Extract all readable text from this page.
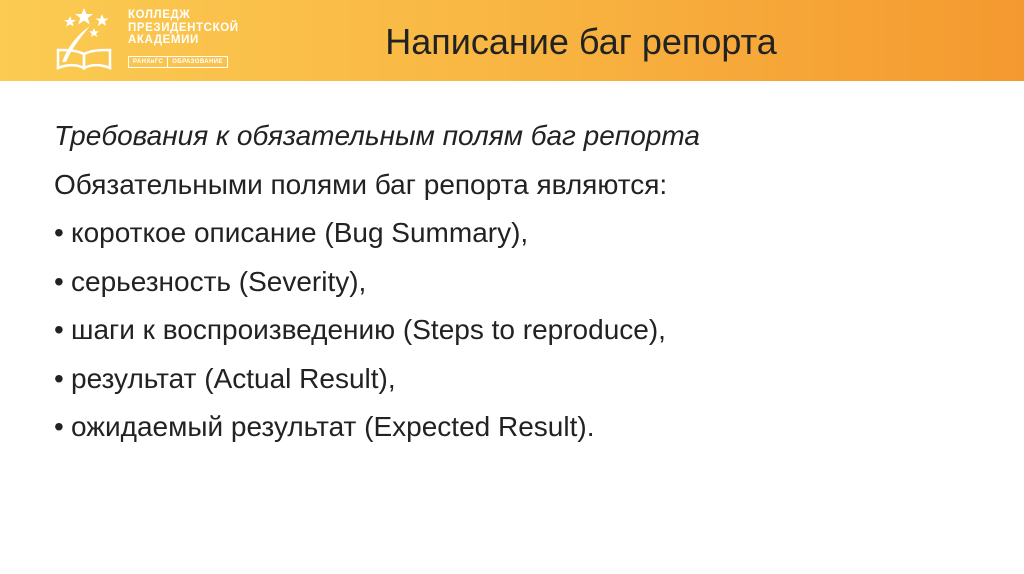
КОЛЛЕДЖ
ПРЕЗИДЕНТСКОЙ
АКАДЕМИИ
РАНХиГС	ОБРАЗОВАНИЕ	Написание баг репорта
Требования к обязательным полям баг репорта
Обязательными полями баг репорта являются:
• короткое описание (Bug Summary),
• серьезность (Severity),
• шаги к воспроизведению (Steps to reproduce),
• результат (Actual Result),
• ожидаемый результат (Expected Result).
